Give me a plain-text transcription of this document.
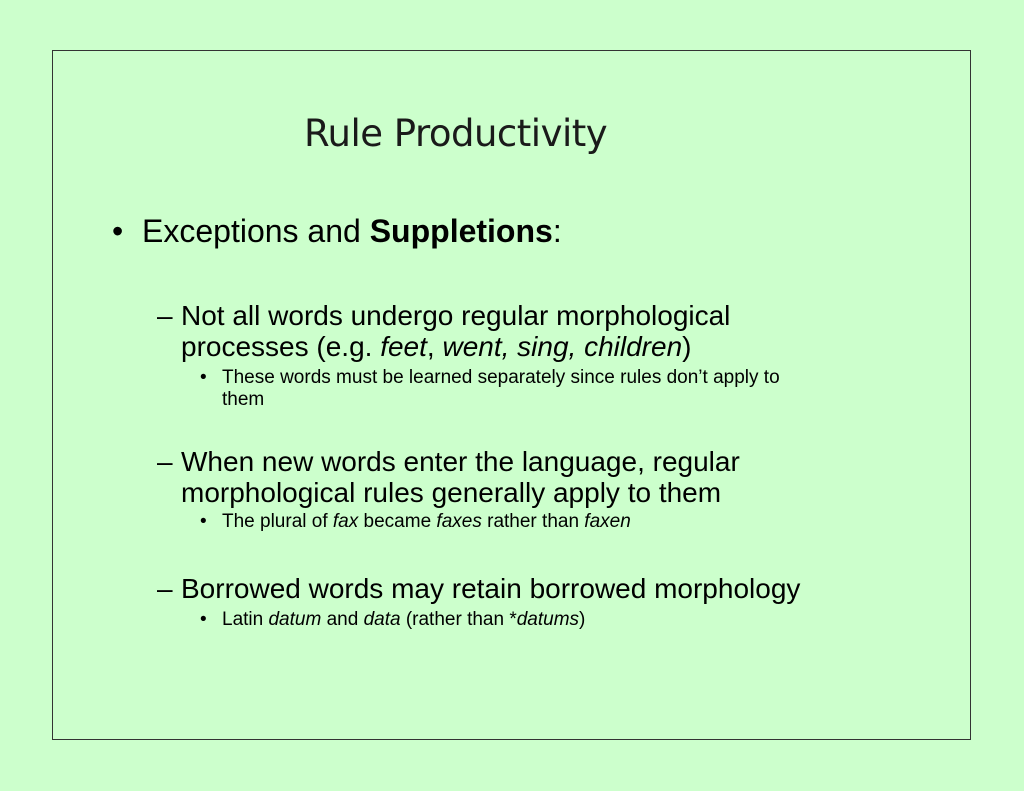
Rule Productivity
• Exceptions and Suppletions:
– Not all words undergo regular morphological
processes (e.g. feet, went, sing, children)
• These words must be learned separately since rules don’t apply to
them
– When new words enter the language, regular
morphological rules generally apply to them
• The plural of fax became faxes rather than faxen
– Borrowed words may retain borrowed morphology
• Latin datum and data (rather than *datums)
